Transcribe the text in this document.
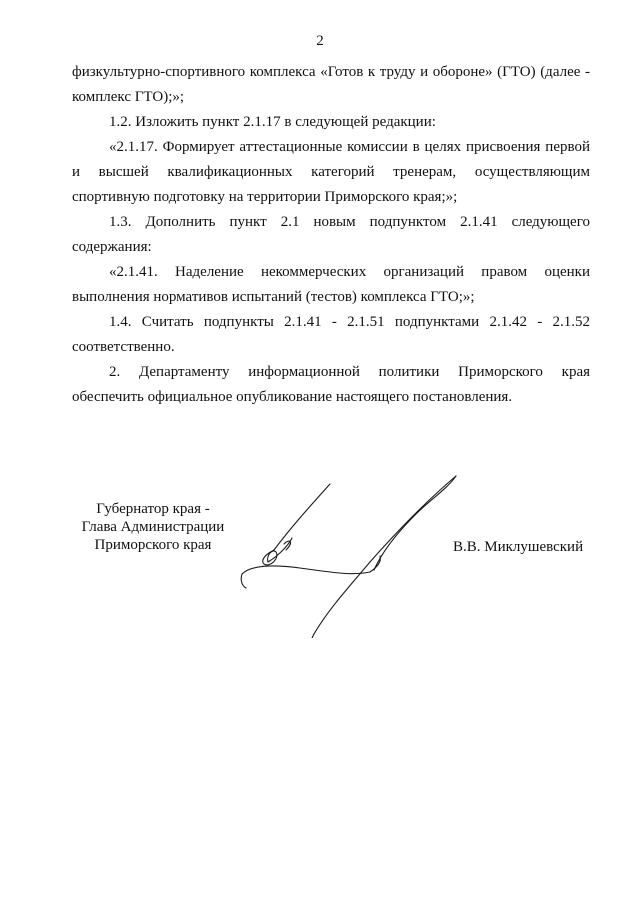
2

физкультурно-спортивного комплекса «Готов к труду и обороне» (ГТО) (далее - комплекс ГТО);»;

1.2. Изложить пункт 2.1.17 в следующей редакции:

«2.1.17. Формирует аттестационные комиссии в целях присвоения первой и высшей квалификационных категорий тренерам, осуществляющим спортивную подготовку на территории Приморского края;»;

1.3. Дополнить пункт 2.1 новым подпунктом 2.1.41 следующего содержания:

«2.1.41. Наделение некоммерческих организаций правом оценки выполнения нормативов испытаний (тестов) комплекса ГТО;»;

1.4. Считать подпункты 2.1.41 - 2.1.51 подпунктами 2.1.42 - 2.1.52 соответственно.

2. Департаменту информационной политики Приморского края обеспечить официальное опубликование настоящего постановления.

Губернатор края -
Глава Администрации
Приморского края	В.В. Миклушевский
